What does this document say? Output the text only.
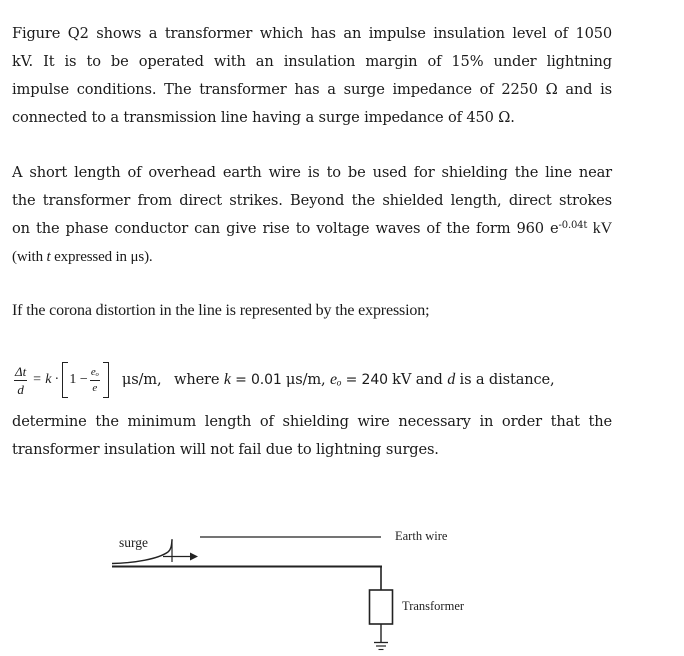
Figure Q2 shows a transformer which has an impulse insulation level of 1050
kV. It is to be operated with an insulation margin of 15% under lightning
impulse conditions. The transformer has a surge impedance of 2250 Ω and is
connected to a transmission line having a surge impedance of 450 Ω.
A short length of overhead earth wire is to be used for shielding the line near
the transformer from direct strikes. Beyond the shielded length, direct strokes
on the phase conductor can give rise to voltage waves of the form 960 $e^{-0.04t}$ kV
(with t expressed in μs).
If the corona distortion in the line is represented by the expression;
$\frac{\Delta t}{d} = k \cdot 1 - \frac{\text{eₒ}}{e} \mu s/m$, where k = 0.01 μs/m, eₒ = 240 kV and d is a distance,
determine the minimum length of shielding wire necessary in order that the
transformer insulation will not fail due to lightning surges.
surge	Earth wire
Transformer
